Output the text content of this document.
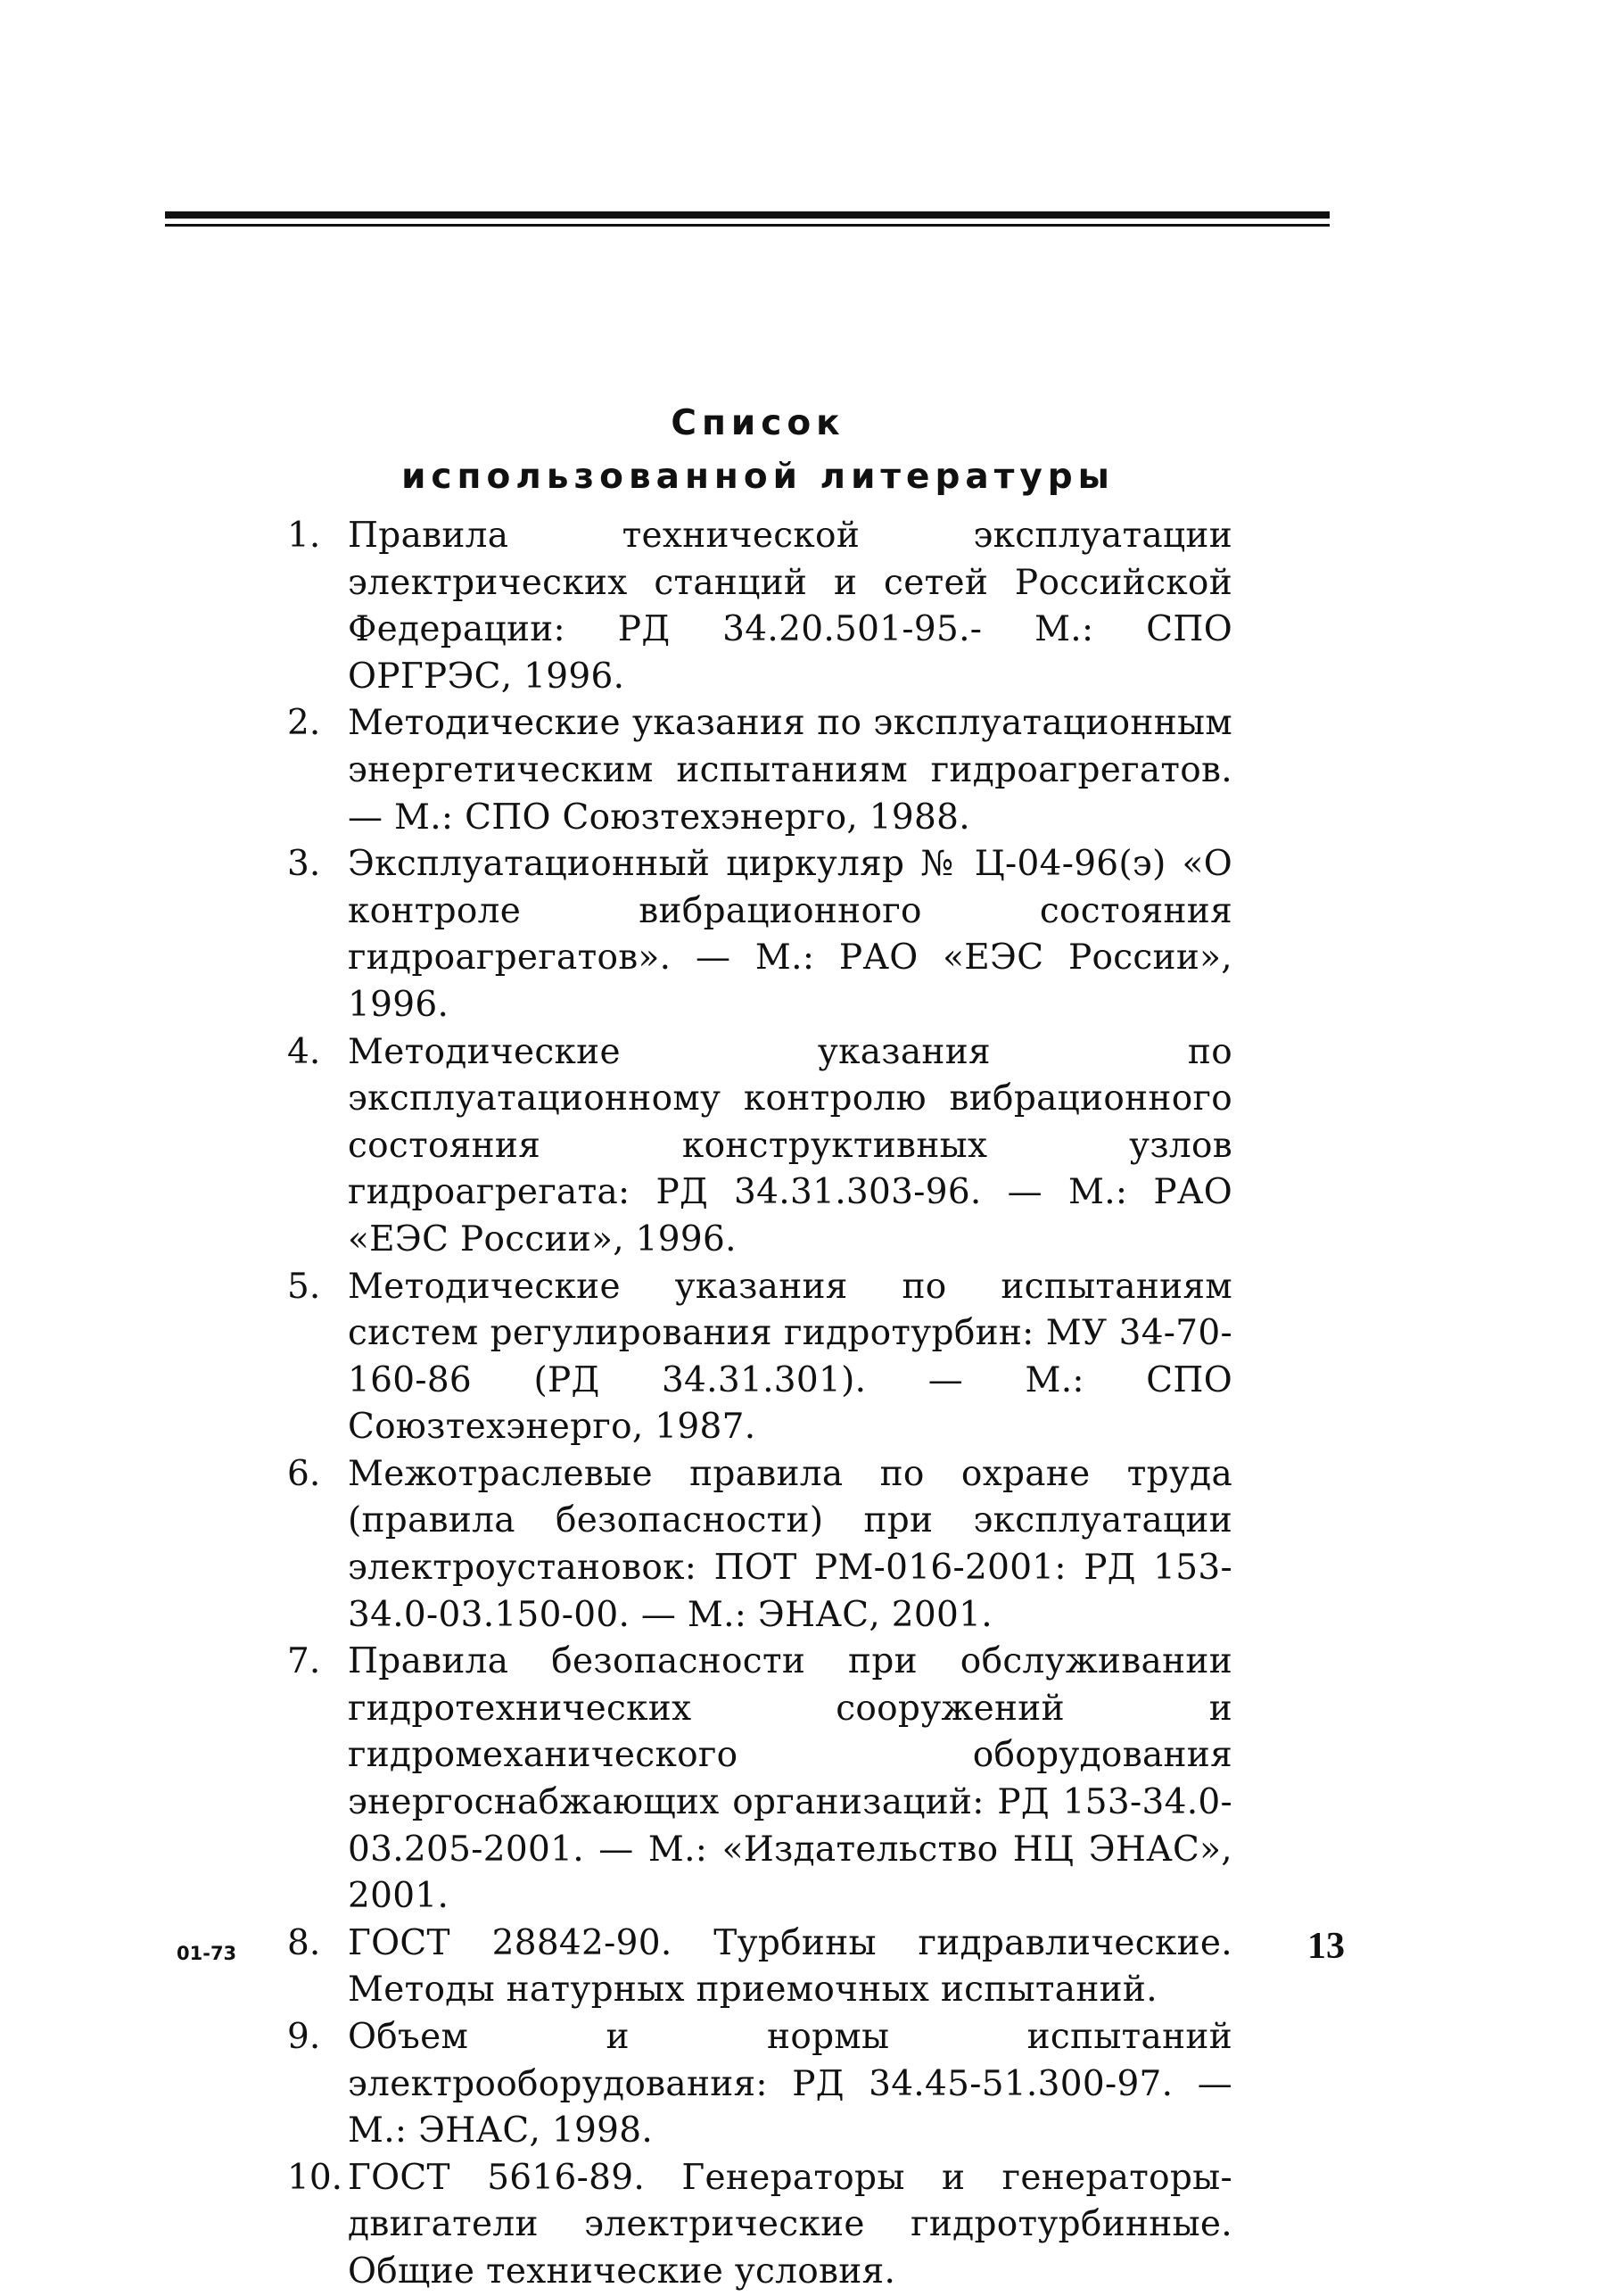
Список
использованной литературы
1. Правила технической эксплуатации электрических станций и сетей Российской Федерации: РД 34.20.501-95.- М.: СПО ОРГРЭС, 1996.
2. Методические указания по эксплуатационным энергетическим испытаниям гидроагрегатов. — М.: СПО Союзтехэнерго, 1988.
3. Эксплуатационный циркуляр № Ц-04-96(э) «О контроле вибрационного состояния гидроагрегатов». — М.: РАО «ЕЭС России», 1996.
4. Методические указания по эксплуатационному контролю вибрационного состояния конструктивных узлов гидроагрегата: РД 34.31.303-96. — М.: РАО «ЕЭС России», 1996.
5. Методические указания по испытаниям систем регулирования гидротурбин: МУ 34-70-160-86 (РД 34.31.301). — М.: СПО Союзтехэнерго, 1987.
6. Межотраслевые правила по охране труда (правила безопасности) при эксплуатации электроустановок: ПОТ РМ-016-2001: РД 153-34.0-03.150-00. — М.: ЭНАС, 2001.
7. Правила безопасности при обслуживании гидротехнических сооружений и гидромеханического оборудования энергоснабжающих организаций: РД 153-34.0-03.205-2001. — М.: «Издательство НЦ ЭНАС», 2001.
8. ГОСТ 28842-90. Турбины гидравлические. Методы натурных приемочных испытаний.
9. Объем и нормы испытаний электрооборудования: РД 34.45-51.300-97. — М.: ЭНАС, 1998.
10. ГОСТ 5616-89. Генераторы и генераторы-двигатели электрические гидротурбинные. Общие технические условия.
01-73	13
